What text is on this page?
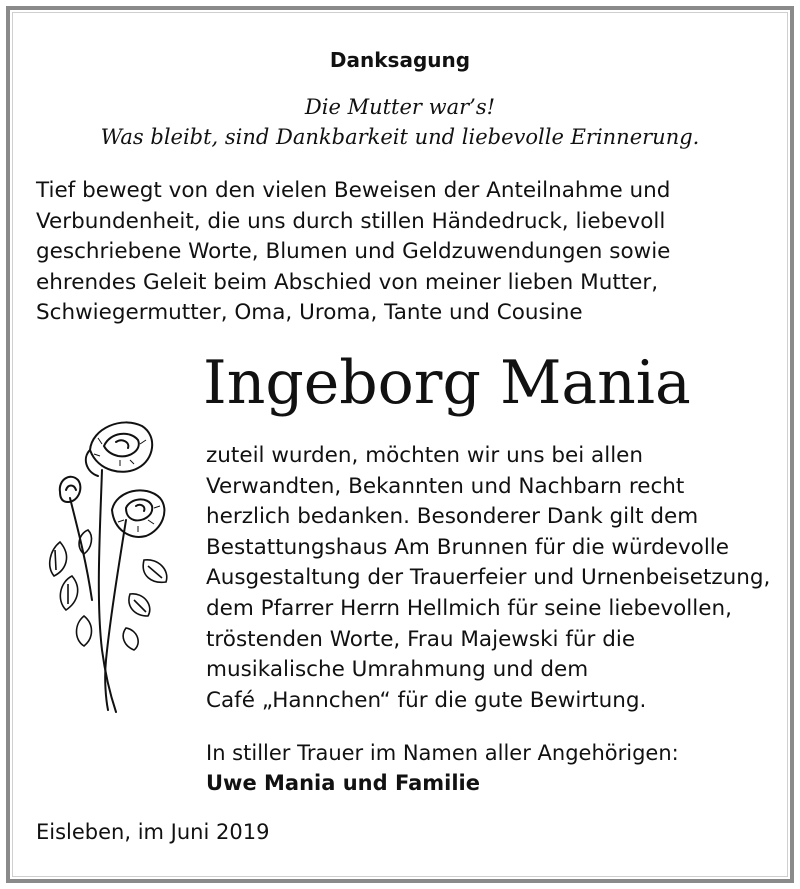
Danksagung
Die Mutter war’s!
Was bleibt, sind Dankbarkeit und liebevolle Erinnerung.
Tief bewegt von den vielen Beweisen der Anteilnahme und
Verbundenheit, die uns durch stillen Händedruck, liebevoll
geschriebene Worte, Blumen und Geldzuwendungen sowie
ehrendes Geleit beim Abschied von meiner lieben Mutter,
Schwiegermutter, Oma, Uroma, Tante und Cousine
Ingeborg Mania
zuteil wurden, möchten wir uns bei allen
Verwandten, Bekannten und Nachbarn recht
herzlich bedanken. Besonderer Dank gilt dem
Bestattungshaus Am Brunnen für die würdevolle
Ausgestaltung der Trauerfeier und Urnenbeisetzung,
dem Pfarrer Herrn Hellmich für seine liebevollen,
tröstenden Worte, Frau Majewski für die
musikalische Umrahmung und dem
Café „Hannchen“ für die gute Bewirtung.
In stiller Trauer im Namen aller Angehörigen:
Uwe Mania und Familie
Eisleben, im Juni 2019
